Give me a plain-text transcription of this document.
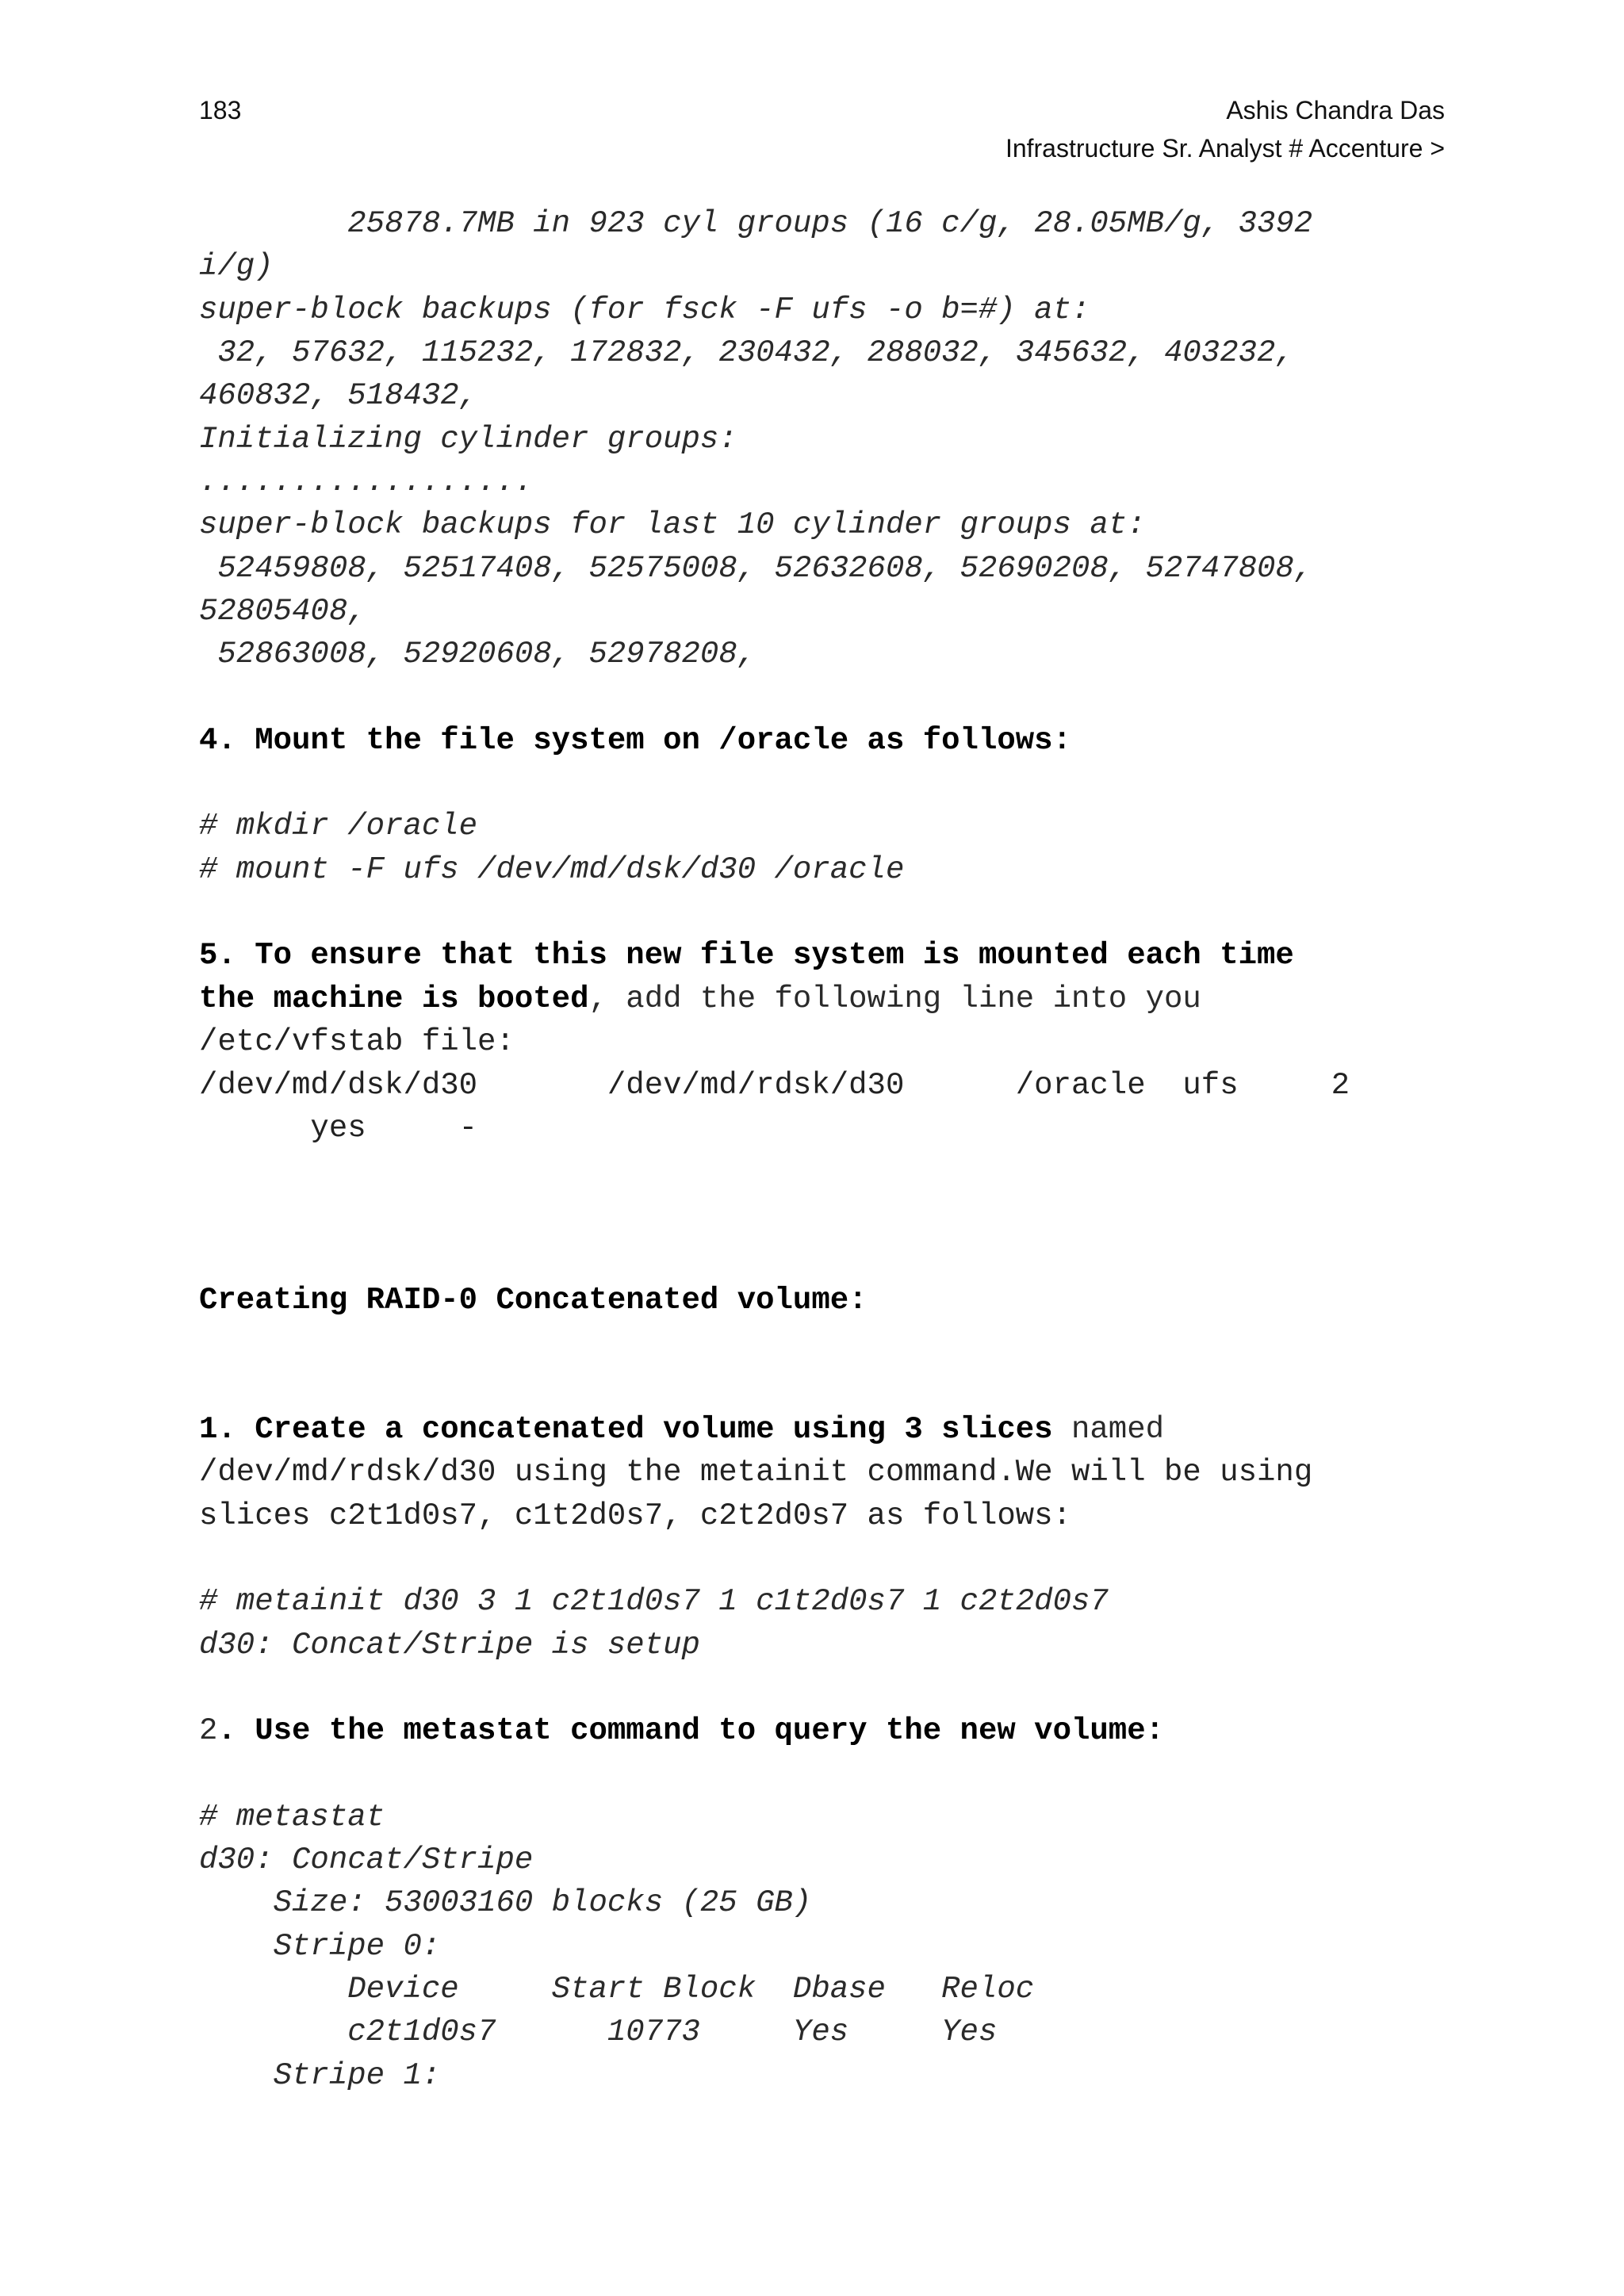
183	Ashis Chandra Das
Infrastructure Sr. Analyst # Accenture >
25878.7MB in 923 cyl groups (16 c/g, 28.05MB/g, 3392
i/g)
super-block backups (for fsck -F ufs -o b=#) at:
32, 57632, 115232, 172832, 230432, 288032, 345632, 403232,
460832, 518432,
Initializing cylinder groups:
..................
super-block backups for last 10 cylinder groups at:
52459808, 52517408, 52575008, 52632608, 52690208, 52747808,
52805408,
52863008, 52920608, 52978208,
4. Mount the file system on /oracle as follows:
# mkdir /oracle
# mount -F ufs /dev/md/dsk/d30 /oracle
5. To ensure that this new file system is mounted each time
the machine is booted, add the following line into you
/etc/vfstab file:
/dev/md/dsk/d30       /dev/md/rdsk/d30      /oracle  ufs     2
yes     -
Creating RAID-0 Concatenated volume:
1. Create a concatenated volume using 3 slices named
/dev/md/rdsk/d30 using the metainit command.We will be using
slices c2t1d0s7, c1t2d0s7, c2t2d0s7 as follows:
# metainit d30 3 1 c2t1d0s7 1 c1t2d0s7 1 c2t2d0s7
d30: Concat/Stripe is setup
2. Use the metastat command to query the new volume:
# metastat
d30: Concat/Stripe
Size: 53003160 blocks (25 GB)
Stripe 0:
Device     Start Block  Dbase   Reloc
c2t1d0s7      10773     Yes     Yes
Stripe 1:
